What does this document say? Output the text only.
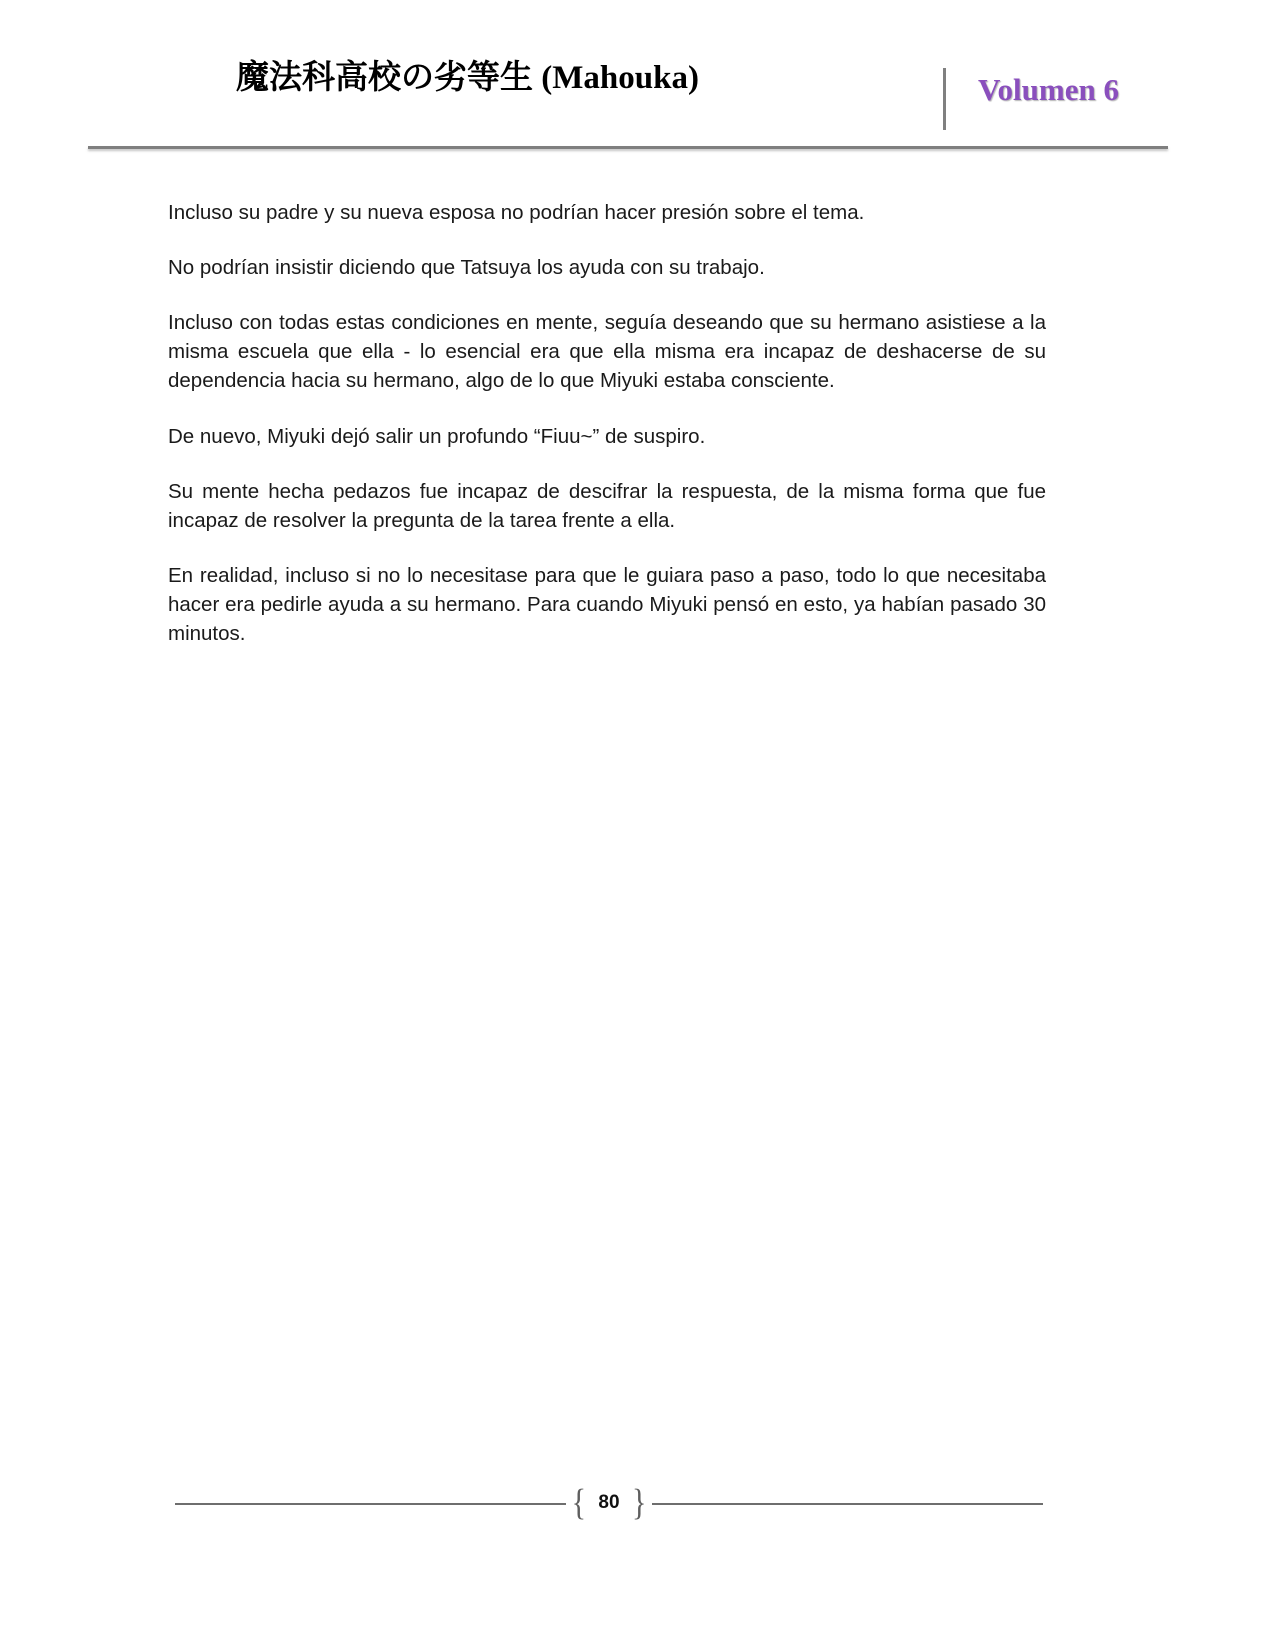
魔法科高校の劣等生 (Mahouka)	Volumen 6

Incluso su padre y su nueva esposa no podrían hacer presión sobre el tema.

No podrían insistir diciendo que Tatsuya los ayuda con su trabajo.

Incluso con todas estas condiciones en mente, seguía deseando que su hermano asistiese a la misma escuela que ella - lo esencial era que ella misma era incapaz de deshacerse de su dependencia hacia su hermano, algo de lo que Miyuki estaba consciente.

De nuevo, Miyuki dejó salir un profundo “Fiuu~” de suspiro.

Su mente hecha pedazos fue incapaz de descifrar la respuesta, de la misma forma que fue incapaz de resolver la pregunta de la tarea frente a ella.

En realidad, incluso si no lo necesitase para que le guiara paso a paso, todo lo que necesitaba hacer era pedirle ayuda a su hermano. Para cuando Miyuki pensó en esto, ya habían pasado 30 minutos.

{ 80 }
